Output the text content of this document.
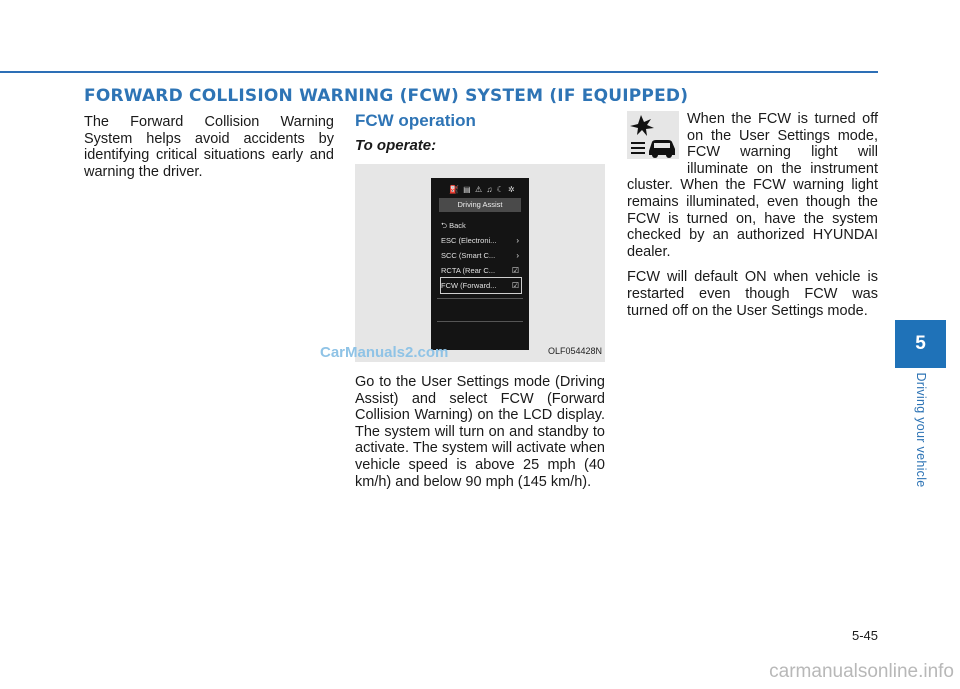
FORWARD COLLISION WARNING (FCW) SYSTEM (IF EQUIPPED)

The Forward Collision Warning System helps avoid accidents by identifying critical situations early and warning the driver.

FCW operation
To operate:
⛽ ▤ ⚠ ♫ ☾ ✲
Driving Assist
⮌ Back
ESC (Electroni... ›
SCC (Smart C...	›
RCTA (Rear C... ☑
FCW (Forward... ☑
OLF054428N

Go to the User Settings mode (Driving Assist) and select FCW (Forward Collision Warning) on the LCD display. The system will turn on and standby to activate. The system will activate when vehicle speed is above 25 mph (40 km/h) and below 90 mph (145 km/h).

When the FCW is turned off on the User Settings mode, FCW warning light will illuminate on the instrument cluster. When the FCW warning light remains illuminated, even though the FCW is turned on, have the system checked by an authorized HYUNDAI dealer.

FCW will default ON when vehicle is restarted even though FCW was turned off on the User Settings mode.

CarManuals2.com	5
Driving your vehicle
5-45
carmanualsonline.info
